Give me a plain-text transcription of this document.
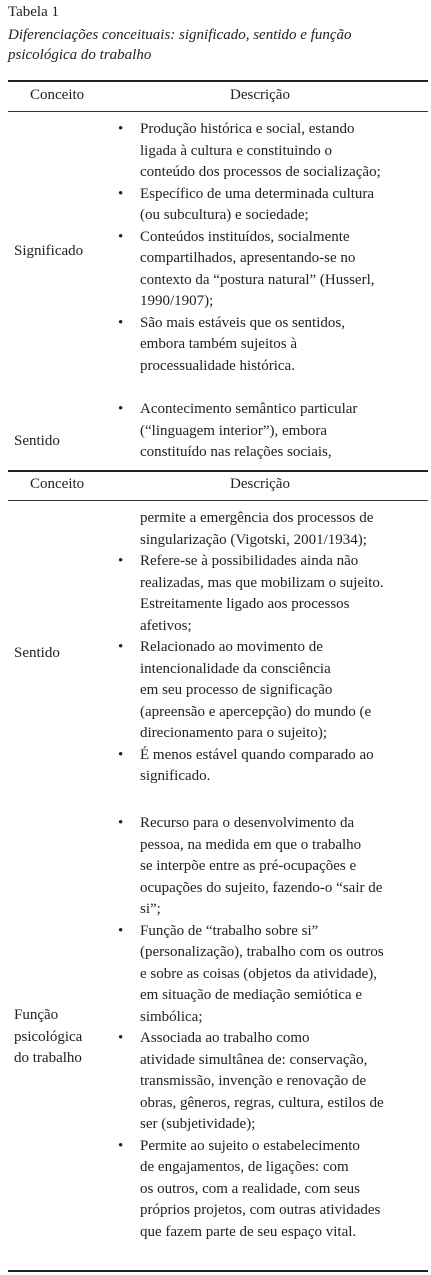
Tabela 1
Diferenciações conceituais: significado, sentido e função
psicológica do trabalho
Conceito	Descrição
Significado
• Produção histórica e social, estando
ligada à cultura e constituindo o
conteúdo dos processos de socialização;
• Específico de uma determinada cultura
(ou subcultura) e sociedade;
• Conteúdos instituídos, socialmente
compartilhados, apresentando-se no
contexto da “postura natural” (Husserl,
1990/1907);
• São mais estáveis que os sentidos,
embora também sujeitos à
processualidade histórica.
Sentido
• Acontecimento semântico particular
(“linguagem interior”), embora
constituído nas relações sociais,
Conceito	Descrição
Sentido
permite a emergência dos processos de
singularização (Vigotski, 2001/1934);
• Refere-se à possibilidades ainda não
realizadas, mas que mobilizam o sujeito.
Estreitamente ligado aos processos
afetivos;
• Relacionado ao movimento de
intencionalidade da consciência
em seu processo de significação
(apreensão e apercepção) do mundo (e
direcionamento para o sujeito);
• É menos estável quando comparado ao
significado.
Função
psicológica
do trabalho
• Recurso para o desenvolvimento da
pessoa, na medida em que o trabalho
se interpõe entre as pré-ocupações e
ocupações do sujeito, fazendo-o “sair de
si”;
• Função de “trabalho sobre si”
(personalização), trabalho com os outros
e sobre as coisas (objetos da atividade),
em situação de mediação semiótica e
simbólica;
• Associada ao trabalho como
atividade simultânea de: conservação,
transmissão, invenção e renovação de
obras, gêneros, regras, cultura, estilos de
ser (subjetividade);
• Permite ao sujeito o estabelecimento
de engajamentos, de ligações: com
os outros, com a realidade, com seus
próprios projetos, com outras atividades
que fazem parte de seu espaço vital.
